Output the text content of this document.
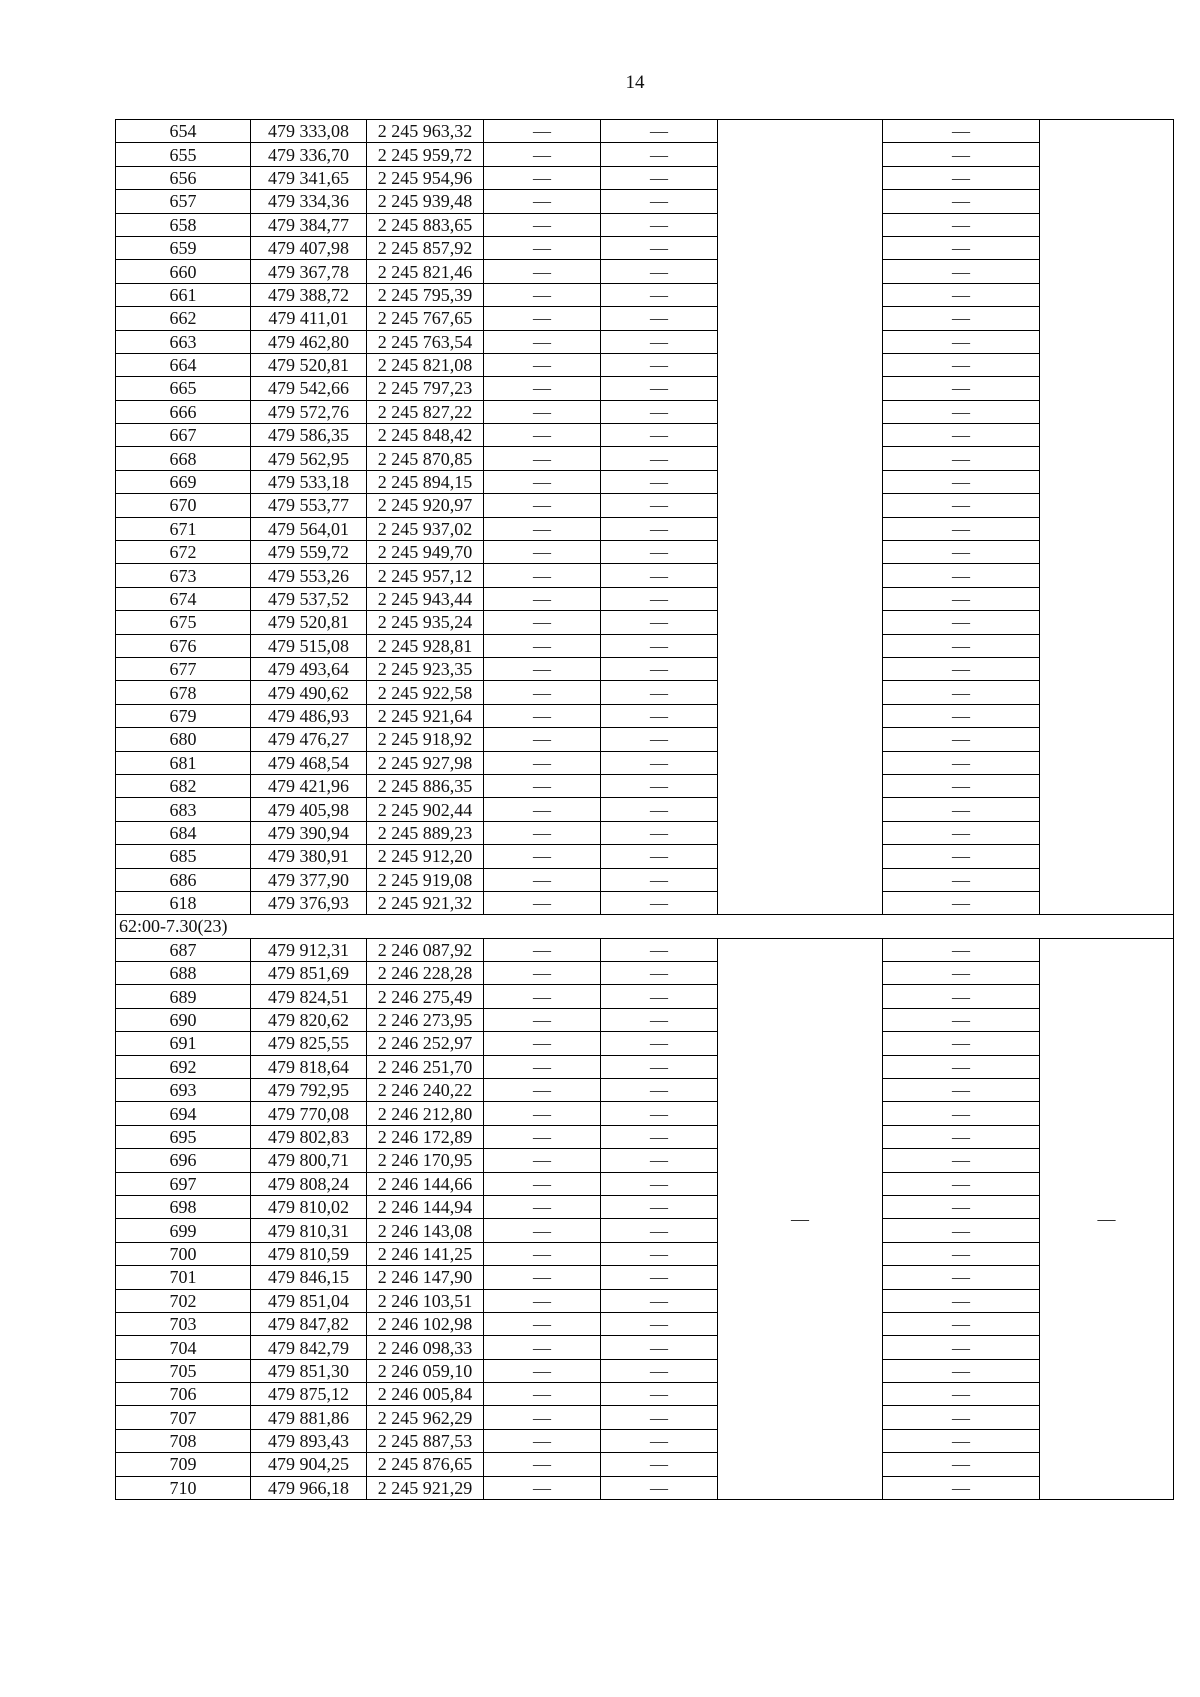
14
654	479 333,08	2 245 963,32	—	—		—	
655	479 336,70	2 245 959,72	—	—		—	
656	479 341,65	2 245 954,96	—	—		—	
657	479 334,36	2 245 939,48	—	—		—	
658	479 384,77	2 245 883,65	—	—		—	
659	479 407,98	2 245 857,92	—	—		—	
660	479 367,78	2 245 821,46	—	—		—	
661	479 388,72	2 245 795,39	—	—		—	
662	479 411,01	2 245 767,65	—	—		—	
663	479 462,80	2 245 763,54	—	—		—	
664	479 520,81	2 245 821,08	—	—		—	
665	479 542,66	2 245 797,23	—	—		—	
666	479 572,76	2 245 827,22	—	—		—	
667	479 586,35	2 245 848,42	—	—		—	
668	479 562,95	2 245 870,85	—	—		—	
669	479 533,18	2 245 894,15	—	—		—	
670	479 553,77	2 245 920,97	—	—		—	
671	479 564,01	2 245 937,02	—	—		—	
672	479 559,72	2 245 949,70	—	—		—	
673	479 553,26	2 245 957,12	—	—		—	
674	479 537,52	2 245 943,44	—	—		—	
675	479 520,81	2 245 935,24	—	—		—	
676	479 515,08	2 245 928,81	—	—		—	
677	479 493,64	2 245 923,35	—	—		—	
678	479 490,62	2 245 922,58	—	—		—	
679	479 486,93	2 245 921,64	—	—		—	
680	479 476,27	2 245 918,92	—	—		—	
681	479 468,54	2 245 927,98	—	—		—	
682	479 421,96	2 245 886,35	—	—		—	
683	479 405,98	2 245 902,44	—	—		—	
684	479 390,94	2 245 889,23	—	—		—	
685	479 380,91	2 245 912,20	—	—		—	
686	479 377,90	2 245 919,08	—	—		—	
618	479 376,93	2 245 921,32	—	—		—	
62:00-7.30(23)							
687	479 912,31	2 246 087,92	—	—	—	—	—
688	479 851,69	2 246 228,28	—	—		—	
689	479 824,51	2 246 275,49	—	—		—	
690	479 820,62	2 246 273,95	—	—		—	
691	479 825,55	2 246 252,97	—	—		—	
692	479 818,64	2 246 251,70	—	—		—	
693	479 792,95	2 246 240,22	—	—		—	
694	479 770,08	2 246 212,80	—	—		—	
695	479 802,83	2 246 172,89	—	—		—	
696	479 800,71	2 246 170,95	—	—		—	
697	479 808,24	2 246 144,66	—	—		—	
698	479 810,02	2 246 144,94	—	—		—	
699	479 810,31	2 246 143,08	—	—		—	
700	479 810,59	2 246 141,25	—	—		—	
701	479 846,15	2 246 147,90	—	—		—	
702	479 851,04	2 246 103,51	—	—		—	
703	479 847,82	2 246 102,98	—	—		—	
704	479 842,79	2 246 098,33	—	—		—	
705	479 851,30	2 246 059,10	—	—		—	
706	479 875,12	2 246 005,84	—	—		—	
707	479 881,86	2 245 962,29	—	—		—	
708	479 893,43	2 245 887,53	—	—		—	
709	479 904,25	2 245 876,65	—	—		—	
710	479 966,18	2 245 921,29	—	—		—	
